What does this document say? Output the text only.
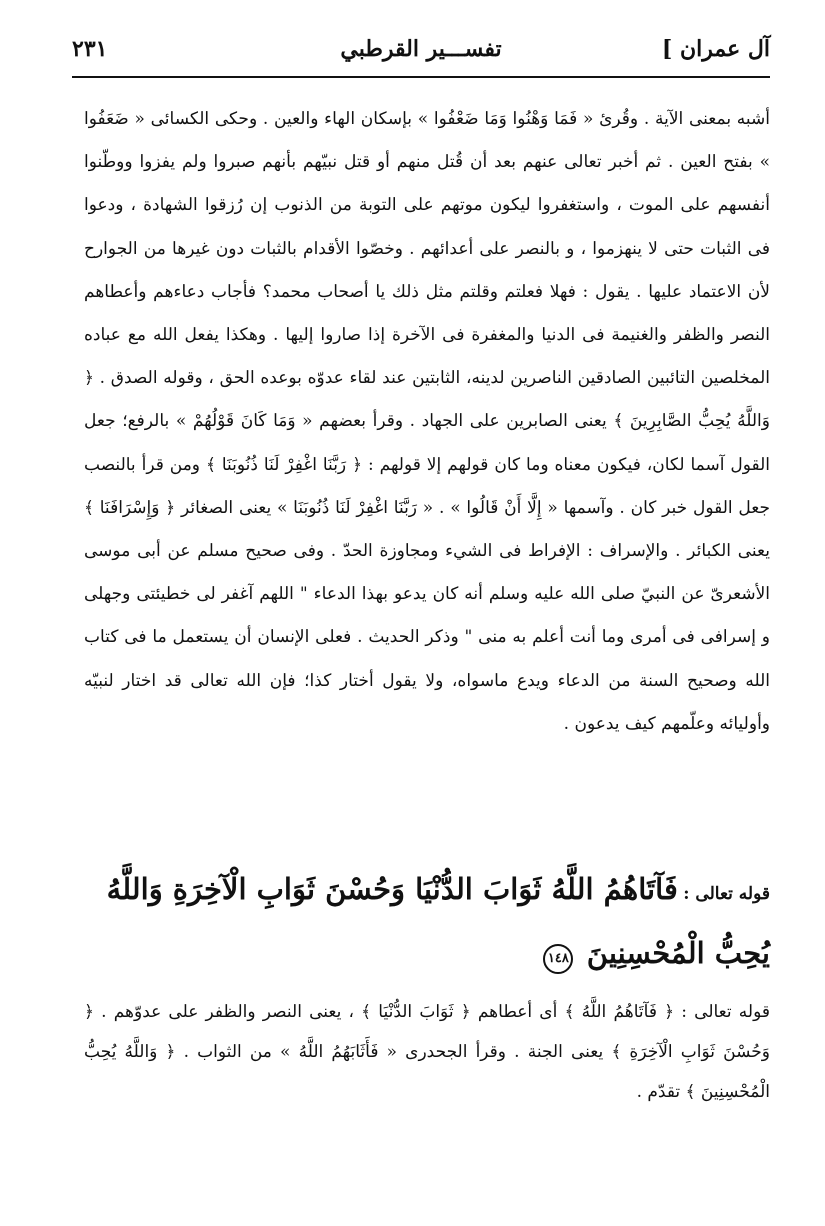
آل عمران ]
تفســـير القرطبي
٢٣١

أشبه بمعنى الآية . وقُرئ « فَمَا وَهْنُوا وَمَا ضَعْفُوا » بإسكان الهاء والعين . وحكى الكسائى « ضَعَفُوا » بفتح العين . ثم أخبر تعالى عنهم بعد أن قُتل منهم أو قتل نبيّهم بأنهم صبروا ولم يفزوا ووطّنوا أنفسهم على الموت ، واستغفروا ليكون موتهم على التوبة من الذنوب إن رُزقوا الشهادة ، ودعوا فى الثبات حتى لا ينهزموا ، و بالنصر على أعدائهم . وخصّوا الأقدام بالثبات دون غيرها من الجوارح لأن الاعتماد عليها . يقول : فهلا فعلتم وقلتم مثل ذلك يا أصحاب محمد؟ فأجاب دعاءهم وأعطاهم النصر والظفر والغنيمة فى الدنيا والمغفرة فى الآخرة إذا صاروا إليها . وهكذا يفعل الله مع عباده المخلصين التائبين الصادقين الناصرين لدينه، الثابتين عند لقاء عدوّه بوعده الحق ، وقوله الصدق . ﴿ وَاللَّهُ يُحِبُّ الصَّابِرِينَ ﴾ يعنى الصابرين على الجهاد . وقرأ بعضهم « وَمَا كَانَ قَوْلُهُمْ » بالرفع؛ جعل القول آسما لكان، فيكون معناه وما كان قولهم إلا قولهم : ﴿ رَبَّنَا اغْفِرْ لَنَا ذُنُوبَنَا ﴾ ومن قرأ بالنصب جعل القول خبر كان . وآسمها « إِلَّا أَنْ قَالُوا » . « رَبَّنَا اغْفِرْ لَنَا ذُنُوبَنَا » يعنى الصغائر ﴿ وَإِسْرَافَنَا ﴾ يعنى الكبائر . والإسراف : الإفراط فى الشيء ومجاوزة الحدّ . وفى صحيح مسلم عن أبى موسى الأشعرىّ عن النبيّ صلى الله عليه وسلم أنه كان يدعو بهذا الدعاء " اللهم آغفر لى خطيئتى وجهلى و إسرافى فى أمرى وما أنت أعلم به منى " وذكر الحديث . فعلى الإنسان أن يستعمل ما فى كتاب الله وصحيح السنة من الدعاء ويدع ماسواه، ولا يقول أختار كذا؛ فإن الله تعالى قد اختار لنبيّه وأوليائه وعلّمهم كيف يدعون .

قوله تعالى : فَآتَاهُمُ اللَّهُ ثَوَابَ الدُّنْيَا وَحُسْنَ ثَوَابِ الْآخِرَةِ وَاللَّهُ
يُحِبُّ الْمُحْسِنِينَ ١٤٨

قوله تعالى : ﴿ فَآتَاهُمُ اللَّهُ ﴾ أى أعطاهم ﴿ ثَوَابَ الدُّنْيَا ﴾ ، يعنى النصر والظفر على عدوّهم . ﴿ وَحُسْنَ ثَوَابِ الْآخِرَةِ ﴾ يعنى الجنة . وقرأ الجحدرى « فَأَثَابَهُمُ اللَّهُ » من الثواب . ﴿ وَاللَّهُ يُحِبُّ الْمُحْسِنِينَ ﴾ تقدّم .
